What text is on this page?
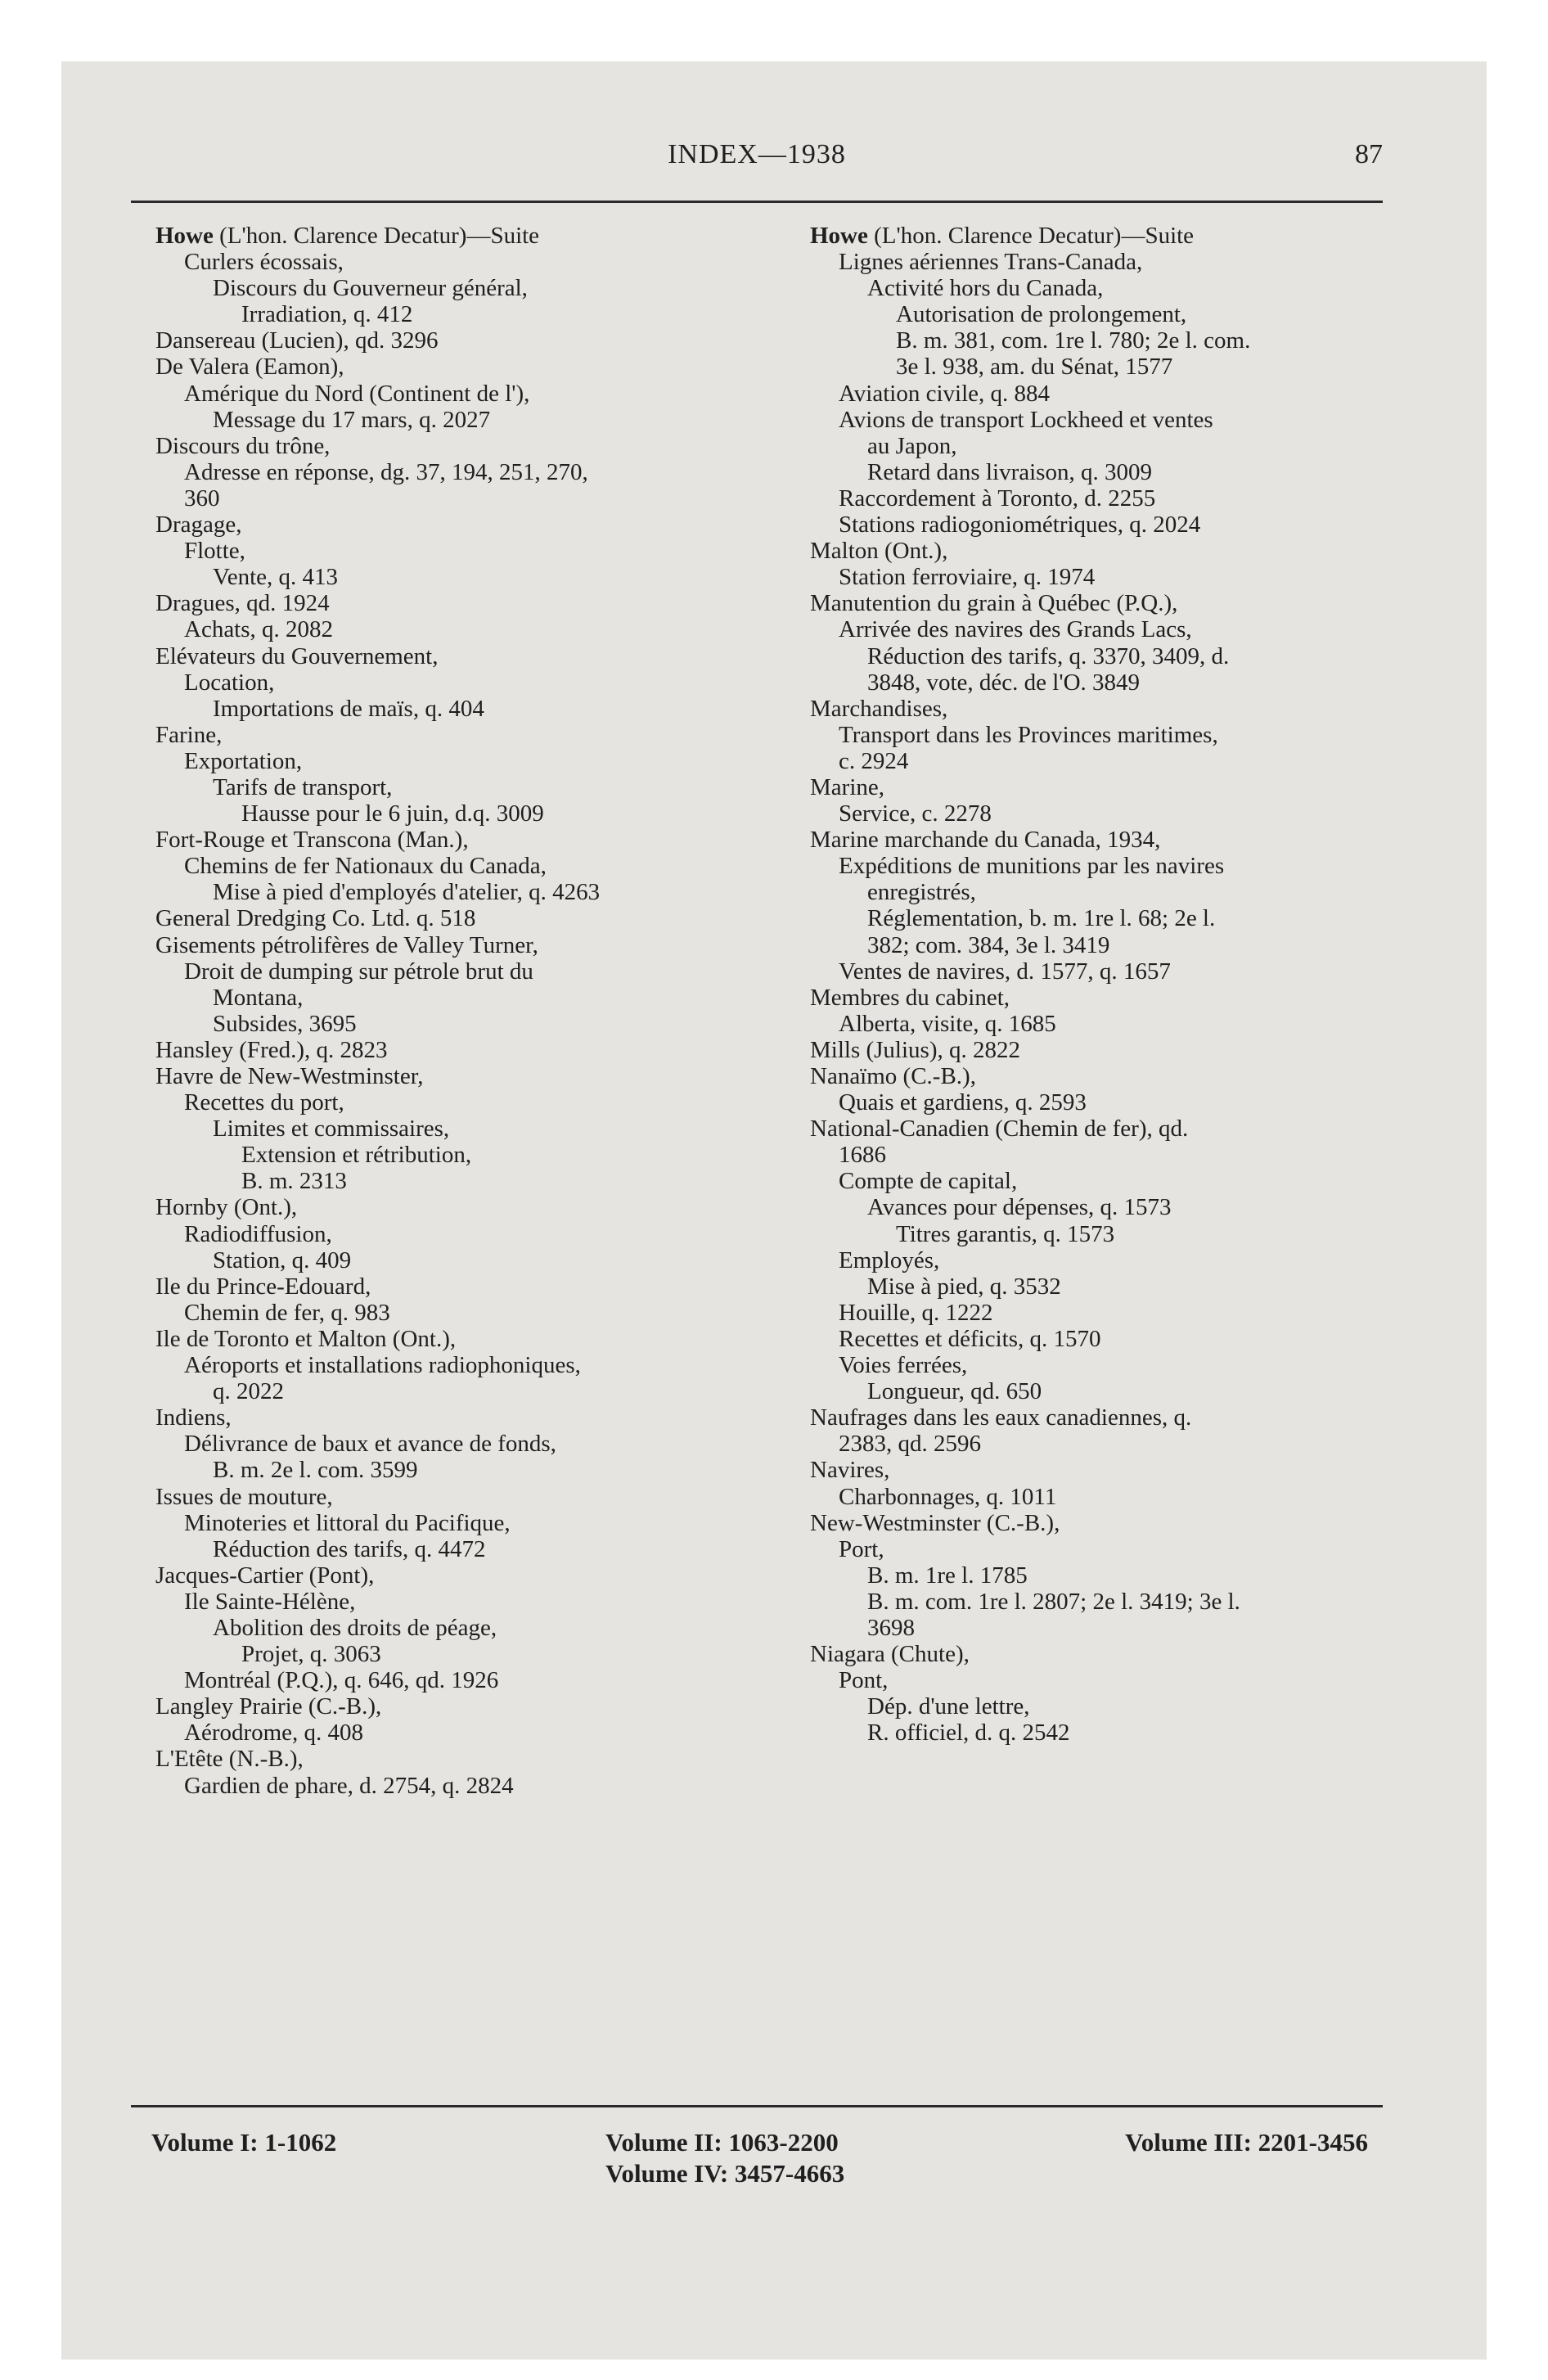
INDEX—1938	87
Howe (L'hon. Clarence Decatur)—Suite
Curlers écossais,
Discours du Gouverneur général,
Irradiation, q. 412
Dansereau (Lucien), qd. 3296
De Valera (Eamon),
Amérique du Nord (Continent de l'),
Message du 17 mars, q. 2027
Discours du trône,
Adresse en réponse, dg. 37, 194, 251, 270,
360
Dragage,
Flotte,
Vente, q. 413
Dragues, qd. 1924
Achats, q. 2082
Elévateurs du Gouvernement,
Location,
Importations de maïs, q. 404
Farine,
Exportation,
Tarifs de transport,
Hausse pour le 6 juin, d.q. 3009
Fort-Rouge et Transcona (Man.),
Chemins de fer Nationaux du Canada,
Mise à pied d'employés d'atelier, q. 4263
General Dredging Co. Ltd. q. 518
Gisements pétrolifères de Valley Turner,
Droit de dumping sur pétrole brut du
Montana,
Subsides, 3695
Hansley (Fred.), q. 2823
Havre de New-Westminster,
Recettes du port,
Limites et commissaires,
Extension et rétribution,
B. m. 2313
Hornby (Ont.),
Radiodiffusion,
Station, q. 409
Ile du Prince-Edouard,
Chemin de fer, q. 983
Ile de Toronto et Malton (Ont.),
Aéroports et installations radiophoniques,
q. 2022
Indiens,
Délivrance de baux et avance de fonds,
B. m. 2e l. com. 3599
Issues de mouture,
Minoteries et littoral du Pacifique,
Réduction des tarifs, q. 4472
Jacques-Cartier (Pont),
Ile Sainte-Hélène,
Abolition des droits de péage,
Projet, q. 3063
Montréal (P.Q.), q. 646, qd. 1926
Langley Prairie (C.-B.),
Aérodrome, q. 408
L'Etête (N.-B.),
Gardien de phare, d. 2754, q. 2824
Howe (L'hon. Clarence Decatur)—Suite
Lignes aériennes Trans-Canada,
Activité hors du Canada,
Autorisation de prolongement,
B. m. 381, com. 1re l. 780; 2e l. com.
3e l. 938, am. du Sénat, 1577
Aviation civile, q. 884
Avions de transport Lockheed et ventes
au Japon,
Retard dans livraison, q. 3009
Raccordement à Toronto, d. 2255
Stations radiogoniométriques, q. 2024
Malton (Ont.),
Station ferroviaire, q. 1974
Manutention du grain à Québec (P.Q.),
Arrivée des navires des Grands Lacs,
Réduction des tarifs, q. 3370, 3409, d.
3848, vote, déc. de l'O. 3849
Marchandises,
Transport dans les Provinces maritimes,
c. 2924
Marine,
Service, c. 2278
Marine marchande du Canada, 1934,
Expéditions de munitions par les navires
enregistrés,
Réglementation, b. m. 1re l. 68; 2e l.
382; com. 384, 3e l. 3419
Ventes de navires, d. 1577, q. 1657
Membres du cabinet,
Alberta, visite, q. 1685
Mills (Julius), q. 2822
Nanaïmo (C.-B.),
Quais et gardiens, q. 2593
National-Canadien (Chemin de fer), qd.
1686
Compte de capital,
Avances pour dépenses, q. 1573
Titres garantis, q. 1573
Employés,
Mise à pied, q. 3532
Houille, q. 1222
Recettes et déficits, q. 1570
Voies ferrées,
Longueur, qd. 650
Naufrages dans les eaux canadiennes, q.
2383, qd. 2596
Navires,
Charbonnages, q. 1011
New-Westminster (C.-B.),
Port,
B. m. 1re l. 1785
B. m. com. 1re l. 2807; 2e l. 3419; 3e l.
3698
Niagara (Chute),
Pont,
Dép. d'une lettre,
R. officiel, d. q. 2542
Volume I: 1-1062	Volume II: 1063-2200	Volume III: 2201-3456
Volume IV: 3457-4663
